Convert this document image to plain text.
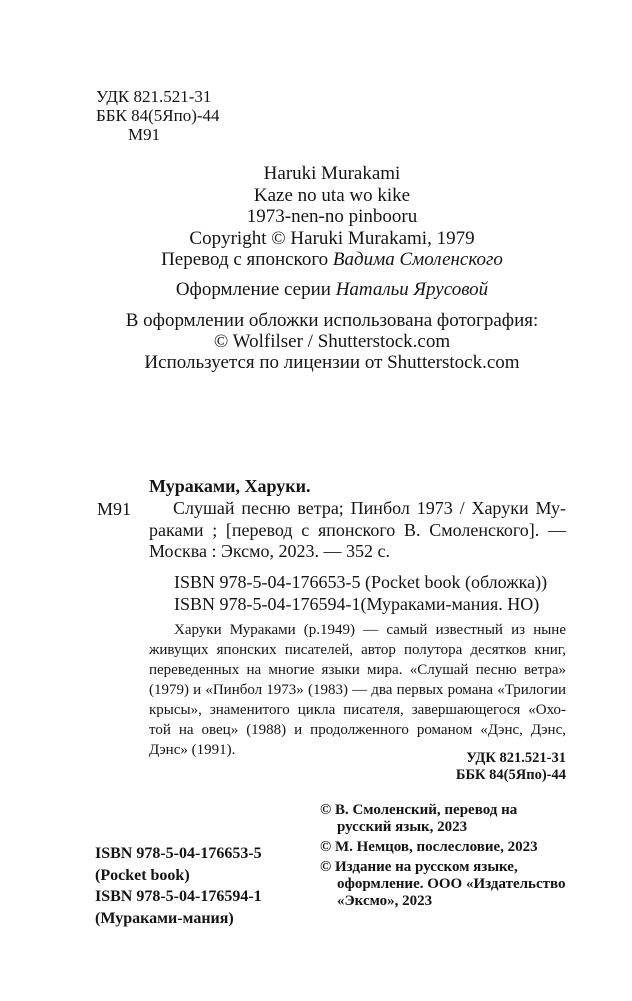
УДК 821.521-31
ББК 84(5Япо)-44
М91
Haruki Murakami
Kaze no uta wo kike
1973-nen-no pinbooru
Copyright © Haruki Murakami, 1979
Перевод с японского Вадима Смоленского
Оформление серии Натальи Ярусовой
В оформлении обложки использована фотография:
© Wolfilser / Shutterstock.com
Используется по лицензии от Shutterstock.com
Мураками, Харуки.
М91	Слушай песню ветра; Пинбол 1973 / Харуки Му-
раками ; [перевод с японского В. Смоленского]. —
Москва : Эксмо, 2023. — 352 с.
ISBN 978-5-04-176653-5 (Pocket book (обложка))
ISBN 978-5-04-176594-1(Мураками-мания. НО)
Харуки Мураками (р.1949) — самый известный из ныне
живущих японских писателей, автор полутора десятков книг,
переведенных на многие языки мира. «Слушай песню ветра»
(1979) и «Пинбол 1973» (1983) — два первых романа «Трилогии
крысы», знаменитого цикла писателя, завершающегося «Охо-
той на овец» (1988) и продолженного романом «Дэнс, Дэнс,
Дэнс» (1991).	УДК 821.521-31
ББК 84(5Япо)-44
ISBN 978-5-04-176653-5
(Pocket book)
ISBN 978-5-04-176594-1
(Мураками-мания)
© В. Смоленский, перевод на русский язык, 2023
© М. Немцов, послесловие, 2023
© Издание на русском языке, оформление. ООО «Издательство «Эксмо», 2023
